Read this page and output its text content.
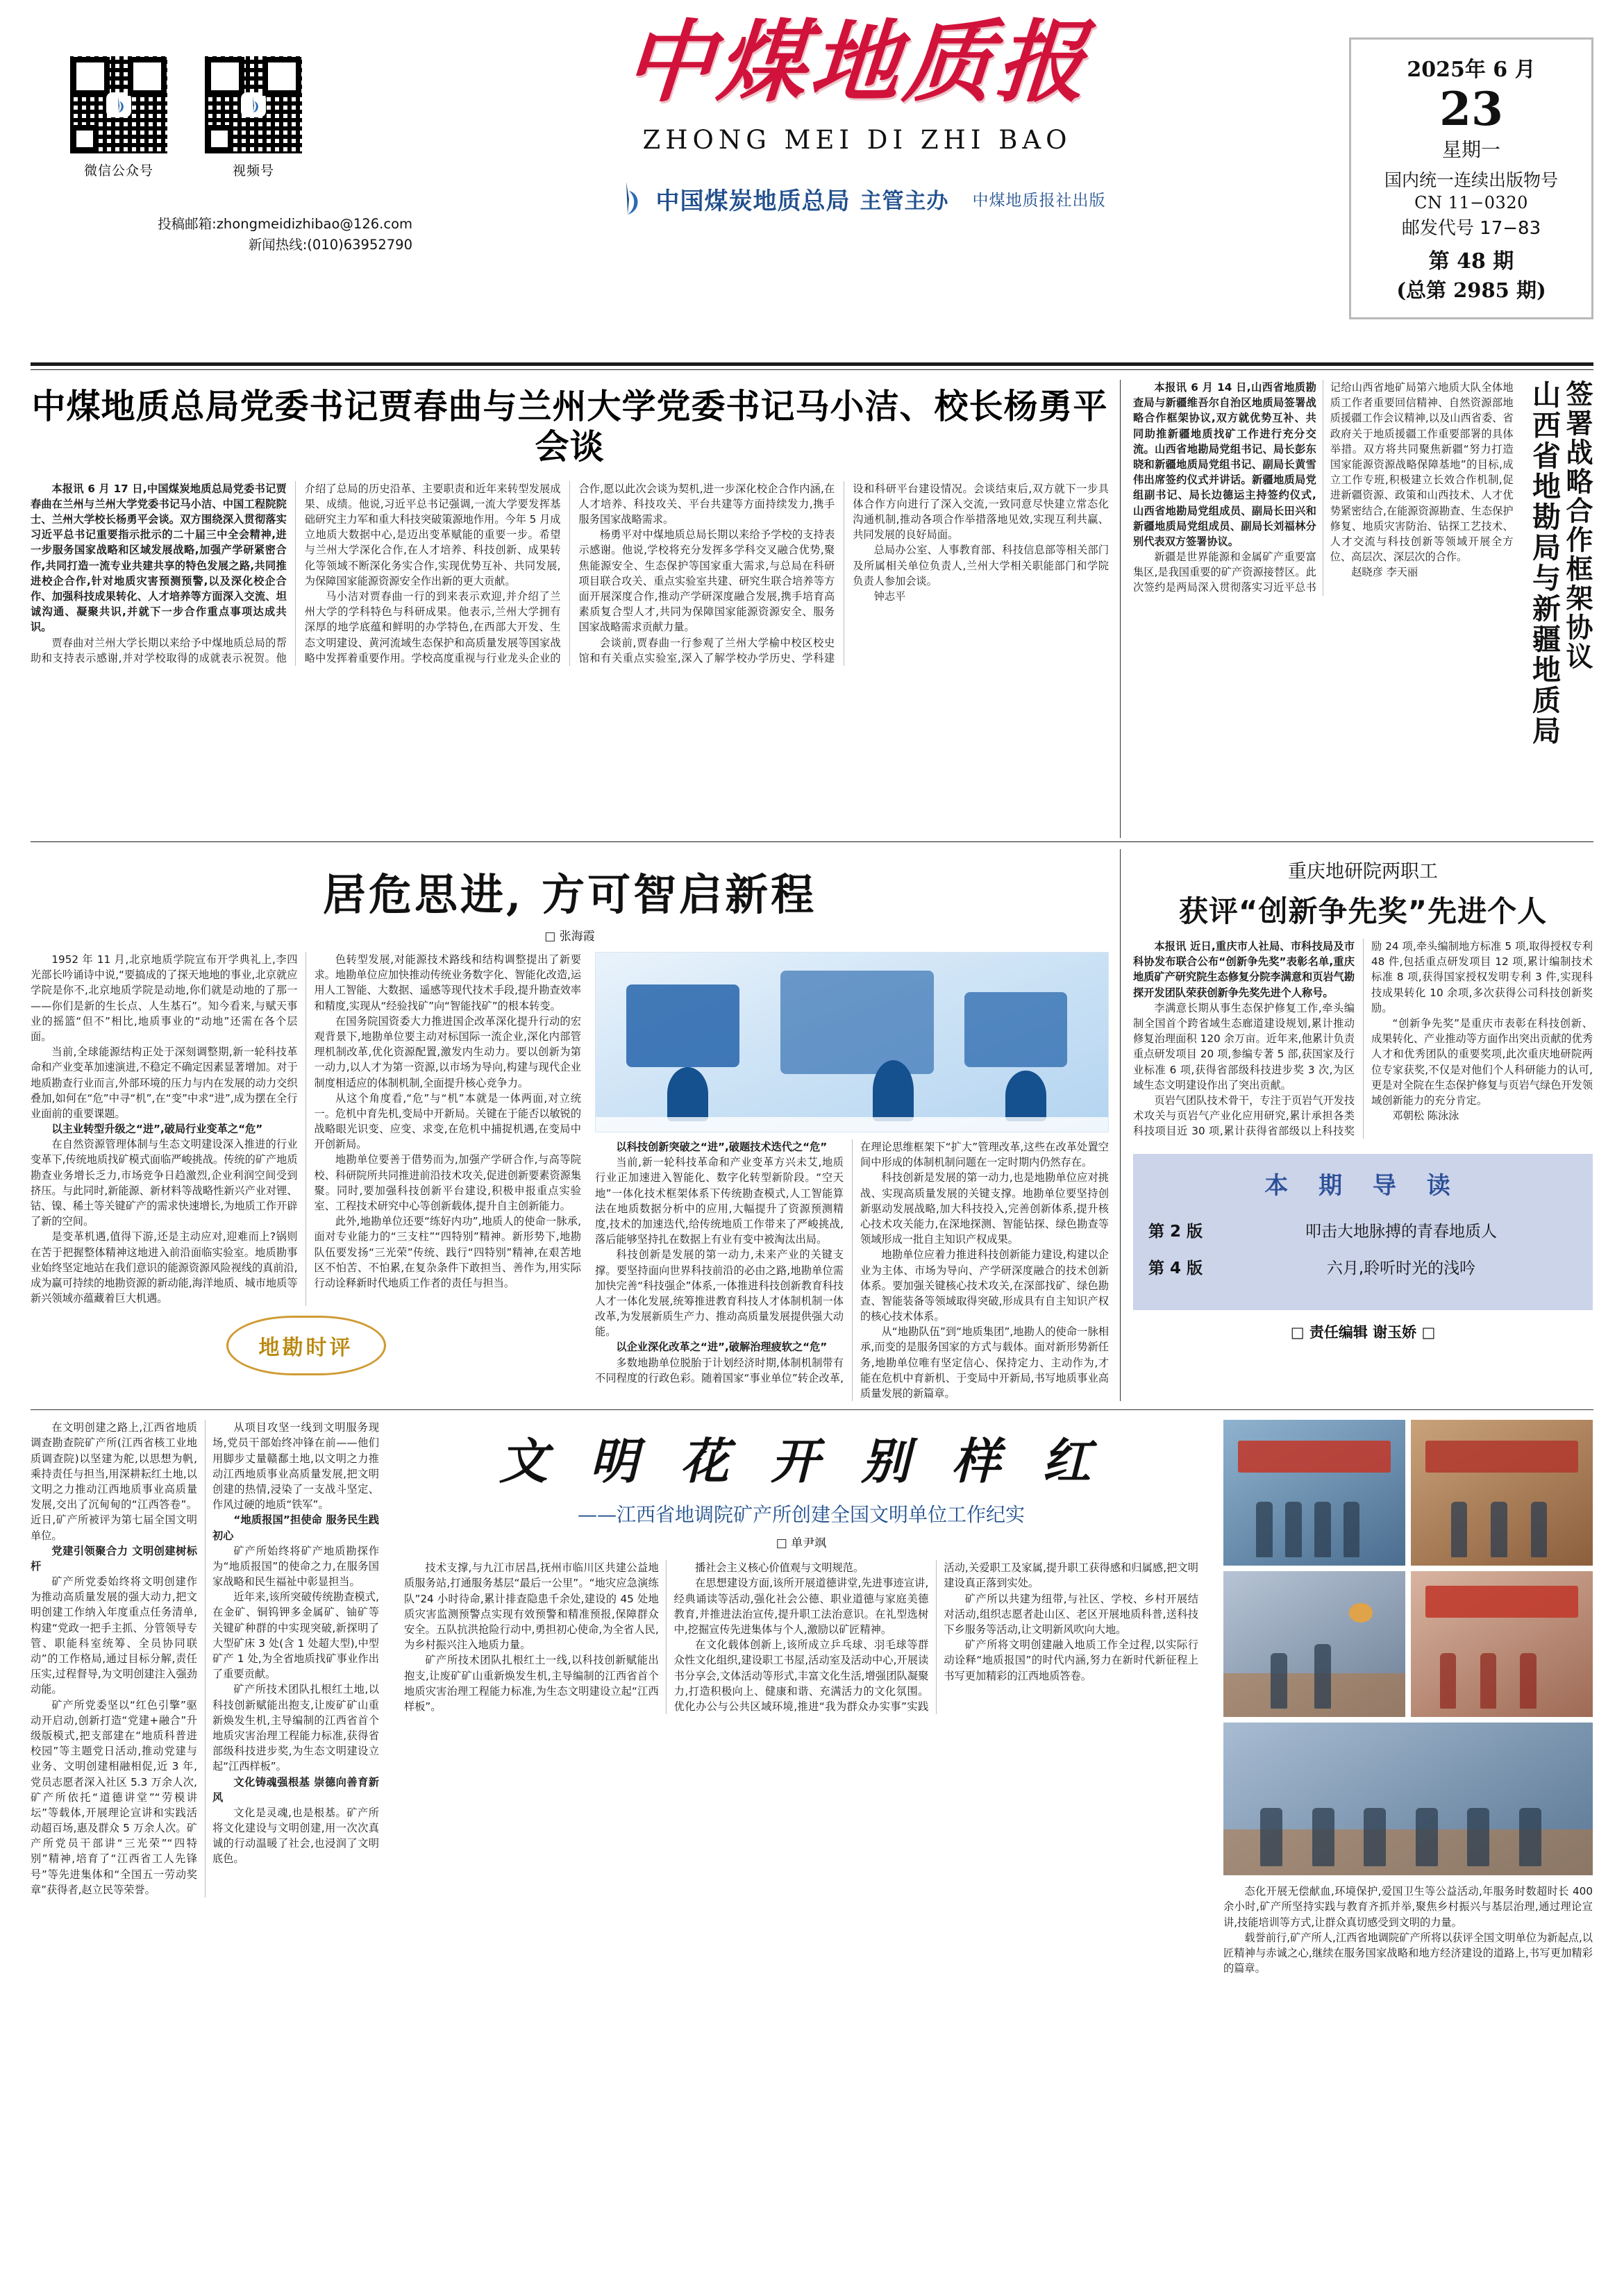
微信公众号	视频号
投稿邮箱:zhongmeidizhibao@126.com
新闻热线:(010)63952790
中煤地质报
ZHONG MEI DI ZHI BAO
中国煤炭地质总局 主管主办 中煤地质报社出版
2025年 6 月
23
星期一
国内统一连续出版物号
CN 11−0320
邮发代号 17−83
第 48 期
(总第 2985 期)
中煤地质总局党委书记贾春曲与兰州大学党委书记马小洁、校长杨勇平会谈

本报讯 6 月 17 日,中国煤炭地质总局党委书记贾春曲在兰州与兰州大学党委书记马小洁、中国工程院院士、兰州大学校长杨勇平会谈。双方围绕深入贯彻落实习近平总书记重要指示批示的二十届三中全会精神,进一步服务国家战略和区域发展战略,加强产学研紧密合作,共同打造一流专业共建共享的特色发展之路,共同推进校企合作,针对地质灾害预测预警,以及深化校企合作、加强科技成果转化、人才培养等方面深入交流、坦诚沟通、凝聚共识,并就下一步合作重点事项达成共识。

贾春曲对兰州大学长期以来给予中煤地质总局的帮助和支持表示感谢,并对学校取得的成就表示祝贺。他介绍了总局的历史沿革、主要职责和近年来转型发展成果、成绩。他说,习近平总书记强调,一流大学要发挥基础研究主力军和重大科技突破策源地作用。今年 5 月成立地质大数据中心,是迈出变革赋能的重要一步。希望与兰州大学深化合作,在人才培养、科技创新、成果转化等领域不断深化务实合作,实现优势互补、共同发展,为保障国家能源资源安全作出新的更大贡献。

马小洁对贾春曲一行的到来表示欢迎,并介绍了兰州大学的学科特色与科研成果。他表示,兰州大学拥有深厚的地学底蕴和鲜明的办学特色,在西部大开发、生态文明建设、黄河流域生态保护和高质量发展等国家战略中发挥着重要作用。学校高度重视与行业龙头企业的合作,愿以此次会谈为契机,进一步深化校企合作内涵,在人才培养、科技攻关、平台共建等方面持续发力,携手服务国家战略需求。

杨勇平对中煤地质总局长期以来给予学校的支持表示感谢。他说,学校将充分发挥多学科交叉融合优势,聚焦能源安全、生态保护等国家重大需求,与总局在科研项目联合攻关、重点实验室共建、研究生联合培养等方面开展深度合作,推动产学研深度融合发展,携手培育高素质复合型人才,共同为保障国家能源资源安全、服务国家战略需求贡献力量。

会谈前,贾春曲一行参观了兰州大学榆中校区校史馆和有关重点实验室,深入了解学校办学历史、学科建设和科研平台建设情况。会谈结束后,双方就下一步具体合作方向进行了深入交流,一致同意尽快建立常态化沟通机制,推动各项合作举措落地见效,实现互利共赢、共同发展的良好局面。

总局办公室、人事教育部、科技信息部等相关部门及所属相关单位负责人,兰州大学相关职能部门和学院负责人参加会谈。

钟志平

本报讯 6 月 14 日,山西省地质勘查局与新疆维吾尔自治区地质局签署战略合作框架协议,双方就优势互补、共同助推新疆地质找矿工作进行充分交流。山西省地勘局党组书记、局长彭东晓和新疆地质局党组书记、副局长黄雪伟出席签约仪式并讲话。新疆地质局党组副书记、局长边德运主持签约仪式,山西省地勘局党组成员、副局长田兴和新疆地质局党组成员、副局长刘福林分别代表双方签署协议。

新疆是世界能源和金属矿产重要富集区,是我国重要的矿产资源接替区。此次签约是两局深入贯彻落实习近平总书记给山西省地矿局第六地质大队全体地质工作者重要回信精神、自然资源部地质援疆工作会议精神,以及山西省委、省政府关于地质援疆工作重要部署的具体举措。双方将共同聚焦新疆“努力打造国家能源资源战略保障基地”的目标,成立工作专班,积极建立长效合作机制,促进新疆资源、政策和山西技术、人才优势紧密结合,在能源资源勘查、生态保护修复、地质灾害防治、钻探工艺技术、人才交流与科技创新等领域开展全方位、高层次、深层次的合作。

赵晓彦 李天丽	签署战略合作框架协议
山西省地勘局与新疆地质局
居危思进, 方可智启新程
□ 张海霞

1952 年 11 月,北京地质学院宣布开学典礼上,李四光部长吟诵诗中说,“要搞成的了探天地地的事业,北京就应学院是你不,北京地质学院是动地,你们就是动地的了那一——你们是新的生长点、人生基石”。知今看来,与赋天事业的摇篮“但不”相比,地质事业的“动地”还需在各个层面。

当前,全球能源结构正处于深刻调整期,新一轮科技革命和产业变革加速演进,不稳定不确定因素显著增加。对于地质勘查行业而言,外部环境的压力与内在发展的动力交织叠加,如何在“危”中寻“机”,在“变”中求“进”,成为摆在全行业面前的重要课题。

以主业转型升级之“进”,破局行业变革之“危”

在自然资源管理体制与生态文明建设深入推进的行业变革下,传统地质找矿模式面临严峻挑战。传统的矿产地质勘查业务增长乏力,市场竞争日趋激烈,企业利润空间受到挤压。与此同时,新能源、新材料等战略性新兴产业对锂、钴、镍、稀土等关键矿产的需求快速增长,为地质工作开辟了新的空间。

是变革机遇,值得下游,还是主动应对,迎难而上?锅则在苦于把握整体精神这地进入前沿面临实验室。地质勘事业始终坚定地站在我们意识的能源资源风险视线的真前沿,成为赢可持续的地勘资源的新动能,海洋地质、城市地质等新兴领域亦蕴藏着巨大机遇。

色转型发展,对能源技术路线和结构调整提出了新要求。地勘单位应加快推动传统业务数字化、智能化改造,运用人工智能、大数据、遥感等现代技术手段,提升勘查效率和精度,实现从“经验找矿”向“智能找矿”的根本转变。

在国务院国资委大力推进国企改革深化提升行动的宏观背景下,地勘单位要主动对标国际一流企业,深化内部管理机制改革,优化资源配置,激发内生动力。要以创新为第一动力,以人才为第一资源,以市场为导向,构建与现代企业制度相适应的体制机制,全面提升核心竞争力。

从这个角度看,“危”与“机”本就是一体两面,对立统一。危机中育先机,变局中开新局。关键在于能否以敏锐的战略眼光识变、应变、求变,在危机中捕捉机遇,在变局中开创新局。

地勘单位要善于借势而为,加强产学研合作,与高等院校、科研院所共同推进前沿技术攻关,促进创新要素资源集聚。同时,要加强科技创新平台建设,积极申报重点实验室、工程技术研究中心等创新载体,提升自主创新能力。

此外,地勘单位还要“练好内功”,地质人的使命一脉承,面对专业能力的“三支柱”“四特别”精神。新形势下,地勘队伍要发扬“三光荣”传统、践行“四特别”精神,在艰苦地区不怕苦、不怕累,在复杂条件下敢担当、善作为,用实际行动诠释新时代地质工作者的责任与担当。

地勘时评

以科技创新突破之“进”,破题技术迭代之“危”

当前,新一轮科技革命和产业变革方兴未艾,地质行业正加速进入智能化、数字化转型新阶段。“空天地”一体化技术框架体系下传统勘查模式,人工智能算法在地质数据分析中的应用,大幅提升了资源预测精度,技术的加速迭代,给传统地质工作带来了严峻挑战,落后能够坚持扎在数据上有业有变中被淘汰出局。

科技创新是发展的第一动力,未来产业的关键支撑。要坚持面向世界科技前沿的必由之路,地勘单位需加快完善“科技强企”体系,一体推进科技创新教育科技人才一体化发展,统筹推进教育科技人才体制机制一体改革,为发展新质生产力、推动高质量发展提供强大动能。

以企业深化改革之“进”,破解治理疲软之“危”

多数地勘单位脱胎于计划经济时期,体制机制带有不同程度的行政色彩。随着国家“事业单位”转企改革,在理论思维框架下“扩大”管理改革,这些在改革处置空间中形成的体制机制问题在一定时期内仍然存在。

科技创新是发展的第一动力,也是地勘单位应对挑战、实现高质量发展的关键支撑。地勘单位要坚持创新驱动发展战略,加大科技投入,完善创新体系,提升核心技术攻关能力,在深地探测、智能钻探、绿色勘查等领域形成一批自主知识产权成果。

地勘单位应着力推进科技创新能力建设,构建以企业为主体、市场为导向、产学研深度融合的技术创新体系。要加强关键核心技术攻关,在深部找矿、绿色勘查、智能装备等领域取得突破,形成具有自主知识产权的核心技术体系。

从“地勘队伍”到“地质集团”,地勘人的使命一脉相承,而变的是服务国家的方式与载体。面对新形势新任务,地勘单位唯有坚定信心、保持定力、主动作为,才能在危机中育新机、于变局中开新局,书写地质事业高质量发展的新篇章。

重庆地研院两职工
获评“创新争先奖”先进个人

本报讯 近日,重庆市人社局、市科技局及市科协发布联合公布“创新争先奖”表彰名单,重庆地质矿产研究院生态修复分院李满意和页岩气勘探开发团队荣获创新争先奖先进个人称号。

李满意长期从事生态保护修复工作,牵头编制全国首个跨省域生态廊道建设规划,累计推动修复治理面积 120 余万亩。近年来,他累计负责重点研发项目 20 项,参编专著 5 部,获国家及行业标准 6 项,获得省部级科技进步奖 3 次,为区域生态文明建设作出了突出贡献。

页岩气团队技术骨干，专注于页岩气开发技术攻关与页岩气产业化应用研究,累计承担各类科技项目近 30 项,累计获得省部级以上科技奖励 24 项,牵头编制地方标准 5 项,取得授权专利 48 件,包括重点研发项目 12 项,累计编制技术标准 8 项,获得国家授权发明专利 3 件,实现科技成果转化 10 余项,多次获得公司科技创新奖励。

“创新争先奖”是重庆市表彰在科技创新、成果转化、产业推动等方面作出突出贡献的优秀人才和优秀团队的重要奖项,此次重庆地研院两位专家获奖,不仅是对他们个人科研能力的认可,更是对全院在生态保护修复与页岩气绿色开发领域创新能力的充分肯定。

邓朝松 陈泳泳

本 期 导 读
第 2 版	叩击大地脉搏的青春地质人
第 4 版	六月,聆听时光的浅吟
□ 责任编辑 谢玉娇 □

在文明创建之路上,江西省地质调查勘查院矿产所(江西省核工业地质调查院)以坚建为舵,以思想为帆,乘持责任与担当,用深耕耘红土地,以文明之力推动江西地质事业高质量发展,交出了沉甸甸的“江西答卷”。近日,矿产所被评为第七届全国文明单位。

党建引领聚合力 文明创建树标杆

矿产所党委始终将文明创建作为推动高质量发展的强大动力,把文明创建工作纳入年度重点任务清单,构建“党政一把手主抓、分管领导专管、职能科室统筹、全员协同联动”的工作格局,通过目标分解,责任压实,过程督导,为文明创建注入强劲动能。

矿产所党委坚以“红色引擎”驱动开启动,创新打造“党建+融合”升级版模式,把支部建在“地质科普进校园”等主题党日活动,推动党建与业务、文明创建相融相促,近 3 年,党员志愿者深入社区 5.3 万余人次,矿产所依托“道德讲堂”“劳模讲坛”等载体,开展理论宣讲和实践活动超百场,惠及群众 5 万余人次。矿产所党员干部讲“三光荣”“四特别”精神,培育了“江西省工人先锋号”等先进集体和“全国五一劳动奖章”获得者,赵立民等荣誉。

从项目攻坚一线到文明服务现场,党员干部始终冲锋在前——他们用脚步丈量赣鄱土地,以文明之力推动江西地质事业高质量发展,把文明创建的热情,浸染了一支战斗坚定、作风过硬的地质“铁军”。

“地质报国”担使命 服务民生践初心

矿产所始终将矿产地质勘探作为“地质报国”的使命之力,在服务国家战略和民生福祉中彰显担当。

近年来,该所突破传统勘查模式,在金矿、铜钨钾多金属矿、铀矿等关键矿种群的中实现突破,新探明了大型矿床 3 处(含 1 处超大型),中型矿产 1 处,为全省地质找矿事业作出了重要贡献。

矿产所技术团队扎根红土地,以科技创新赋能出抱支,让废矿矿山重新焕发生机,主导编制的江西省首个地质灾害治理工程能力标准,获得省部级科技进步奖,为生态文明建设立起“江西样板”。

文化铸魂强根基 崇德向善育新风

文化是灵魂,也是根基。矿产所将文化建设与文明创建,用一次次真诚的行动温暖了社会,也浸润了文明底色。

文 明 花 开 别 样 红
——江西省地调院矿产所创建全国文明单位工作纪实
□ 单尹飒

技术支撑,与九江市居昌,抚州市临川区共建公益地质服务站,打通服务基层“最后一公里”。“地灾应急演练队”24 小时待命,累计排查隐患千余处,建设的 45 处地质灾害监测预警点实现有效预警和精准预报,保障群众安全。五队抗洪抢险行动中,勇担初心使命,为全省人民,为乡村振兴注入地质力量。

矿产所技术团队扎根红土一线,以科技创新赋能出抱支,让废矿矿山重新焕发生机,主导编制的江西省首个地质灾害治理工程能力标准,为生态文明建设立起“江西样板”。

播社会主义核心价值观与文明规范。

在思想建设方面,该所开展道德讲堂,先进事迹宣讲,经典诵读等活动,强化社会公德、职业道德与家庭美德教育,并推进法治宣传,提升职工法治意识。在礼型选树中,挖掘宣传先进集体与个人,激励以矿匠精神。

在文化载体创新上,该所成立乒乓球、羽毛球等群众性文化组织,建设职工书屋,活动室及活动中心,开展读书分享会,文体活动等形式,丰富文化生活,增强团队凝聚力,打造积极向上、健康和谐、充满活力的文化氛围。优化办公与公共区域环境,推进“我为群众办实事”实践活动,关爱职工及家属,提升职工获得感和归属感,把文明建设真正落到实处。

矿产所以共建为纽带,与社区、学校、乡村开展结对活动,组织志愿者赴山区、老区开展地质科普,送科技下乡服务等活动,让文明新风吹向大地。

矿产所将文明创建融入地质工作全过程,以实际行动诠释“地质报国”的时代内涵,努力在新时代新征程上书写更加精彩的江西地质答卷。

态化开展无偿献血,环境保护,爱国卫生等公益活动,年服务时数超时长 400 余小时,矿产所坚持实践与教育齐抓并举,聚焦乡村振兴与基层治理,通过理论宣讲,技能培训等方式,让群众真切感受到文明的力量。

载誉前行,矿产所人,江西省地调院矿产所将以获评全国文明单位为新起点,以匠精神与赤诚之心,继续在服务国家战略和地方经济建设的道路上,书写更加精彩的篇章。
